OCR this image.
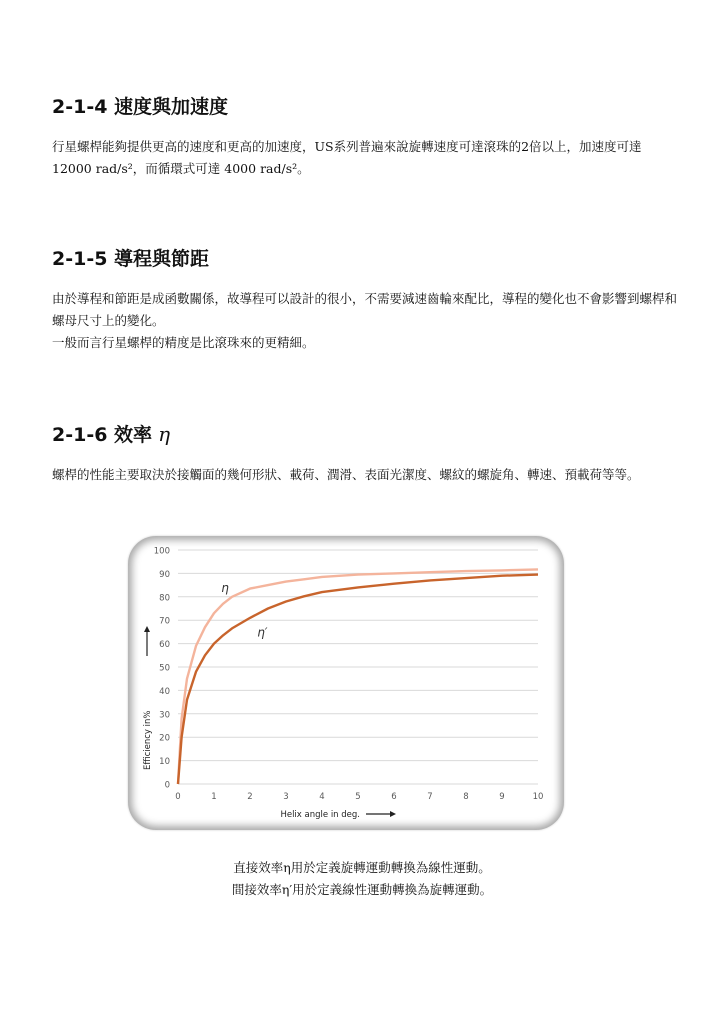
2-1-4 速度與加速度

行星螺桿能夠提供更高的速度和更高的加速度，US系列普遍來說旋轉速度可達滾珠的2倍以上，加速度可達12000 rad/s²，而循環式可達 4000 rad/s²。

2-1-5 導程與節距

由於導程和節距是成函數關係，故導程可以設計的很小，不需要減速齒輪來配比，導程的變化也不會影響到螺桿和螺母尺寸上的變化。

一般而言行星螺桿的精度是比滾珠來的更精細。

2-1-6 效率 η

螺桿的性能主要取決於接觸面的幾何形狀、載荷、潤滑、表面光潔度、螺紋的螺旋角、轉速、預載荷等等。

0
10
20
30
40
50
60
70
80
90
100
0	1	2	3	4	5	6	7	8	9	10
η
η′
Helix angle in deg.
Efficiency in%

直接效率η用於定義旋轉運動轉換為線性運動。

間接效率η′用於定義線性運動轉換為旋轉運動。
